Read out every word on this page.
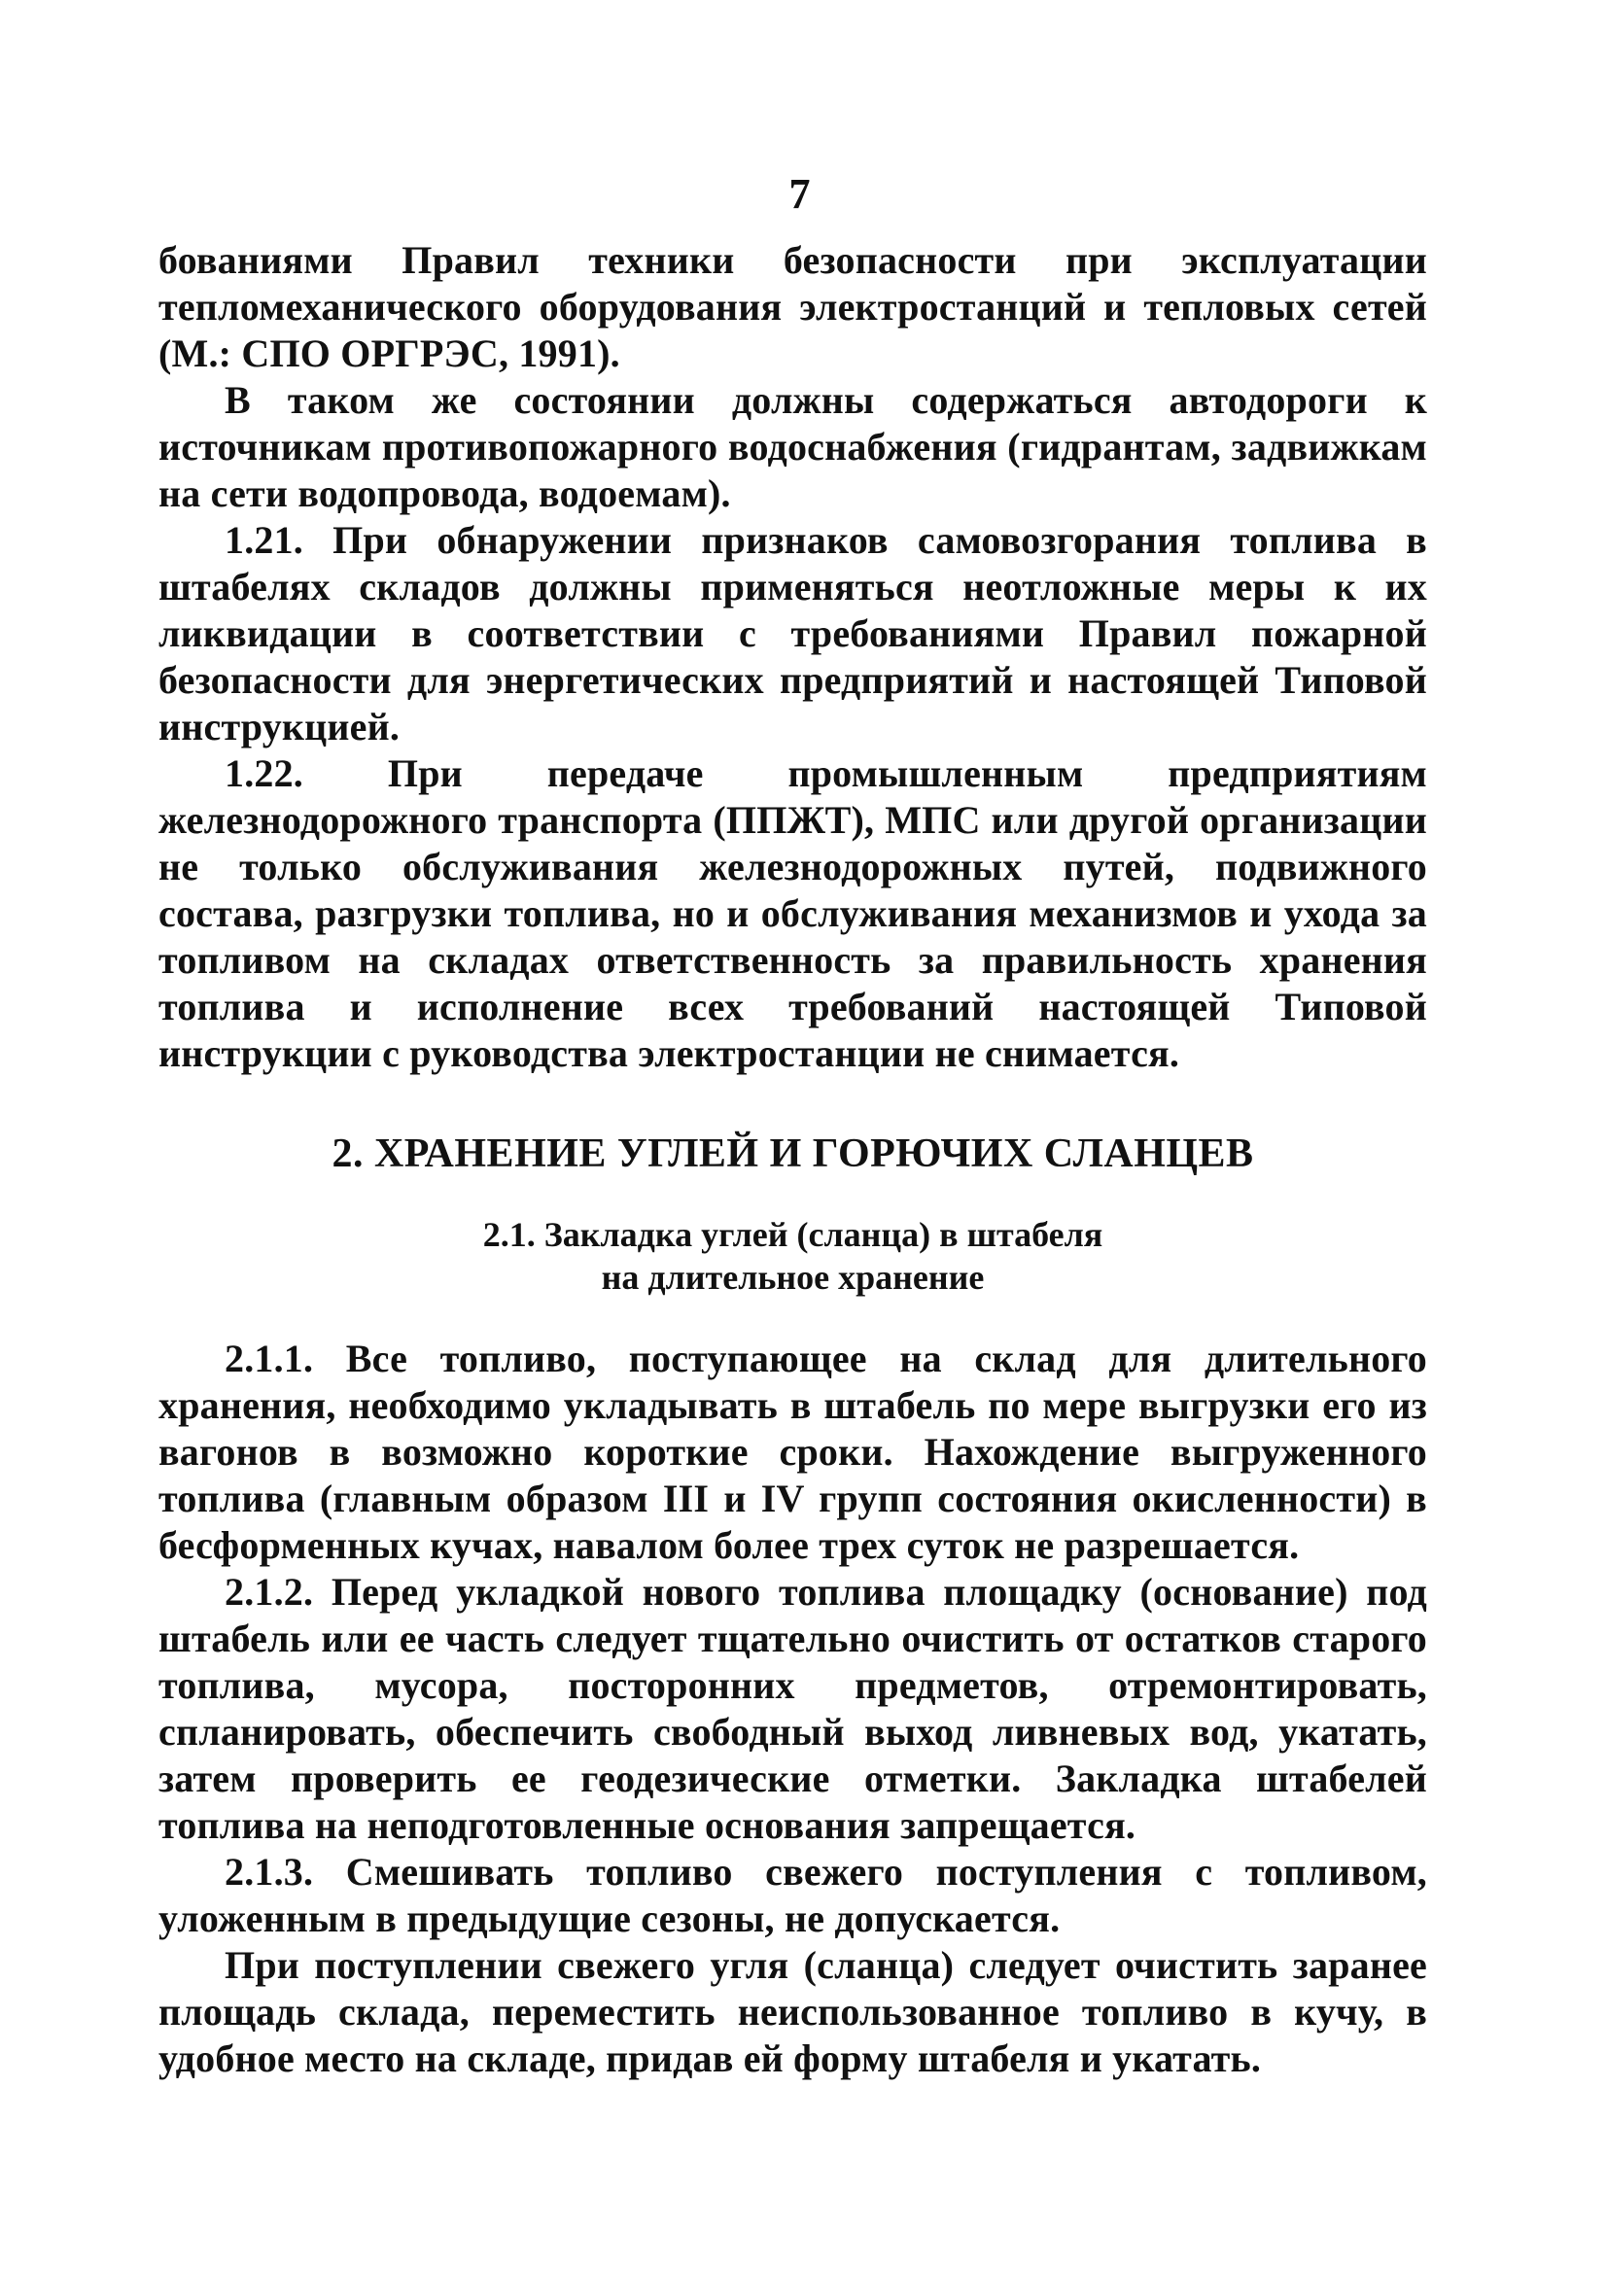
7

бованиями Правил техники безопасности при эксплуатации тепломеханического оборудования электростанций и тепловых сетей (М.: СПО ОРГРЭС, 1991).

В таком же состоянии должны содержаться автодороги к источникам противопожарного водоснабжения (гидрантам, задвижкам на сети водопровода, водоемам).

1.21. При обнаружении признаков самовозгорания топлива в штабелях складов должны применяться неотложные меры к их ликвидации в соответствии с требованиями Правил пожарной безопасности для энергетических предприятий и настоящей Типовой инструкцией.

1.22. При передаче промышленным предприятиям железнодорожного транспорта (ППЖТ), МПС или другой организации не только обслуживания железнодорожных путей, подвижного состава, разгрузки топлива, но и обслуживания механизмов и ухода за топливом на складах ответственность за правильность хранения топлива и исполнение всех требований настоящей Типовой инструкции с руководства электростанции не снимается.

2. ХРАНЕНИЕ УГЛЕЙ И ГОРЮЧИХ СЛАНЦЕВ
2.1. Закладка углей (сланца) в штабеля
на длительное хранение

2.1.1. Все топливо, поступающее на склад для длительного хранения, необходимо укладывать в штабель по мере выгрузки его из вагонов в возможно короткие сроки. Нахождение выгруженного топлива (главным образом III и IV групп состояния окисленности) в бесформенных кучах, навалом более трех суток не разрешается.

2.1.2. Перед укладкой нового топлива площадку (основание) под штабель или ее часть следует тщательно очистить от остатков старого топлива, мусора, посторонних предметов, отремонтировать, спланировать, обеспечить свободный выход ливневых вод, укатать, затем проверить ее геодезические отметки. Закладка штабелей топлива на неподготовленные основания запрещается.

2.1.3. Смешивать топливо свежего поступления с топливом, уложенным в предыдущие сезоны, не допускается.

При поступлении свежего угля (сланца) следует очистить заранее площадь склада, переместить неиспользованное топливо в кучу, в удобное место на складе, придав ей форму штабеля и укатать.
